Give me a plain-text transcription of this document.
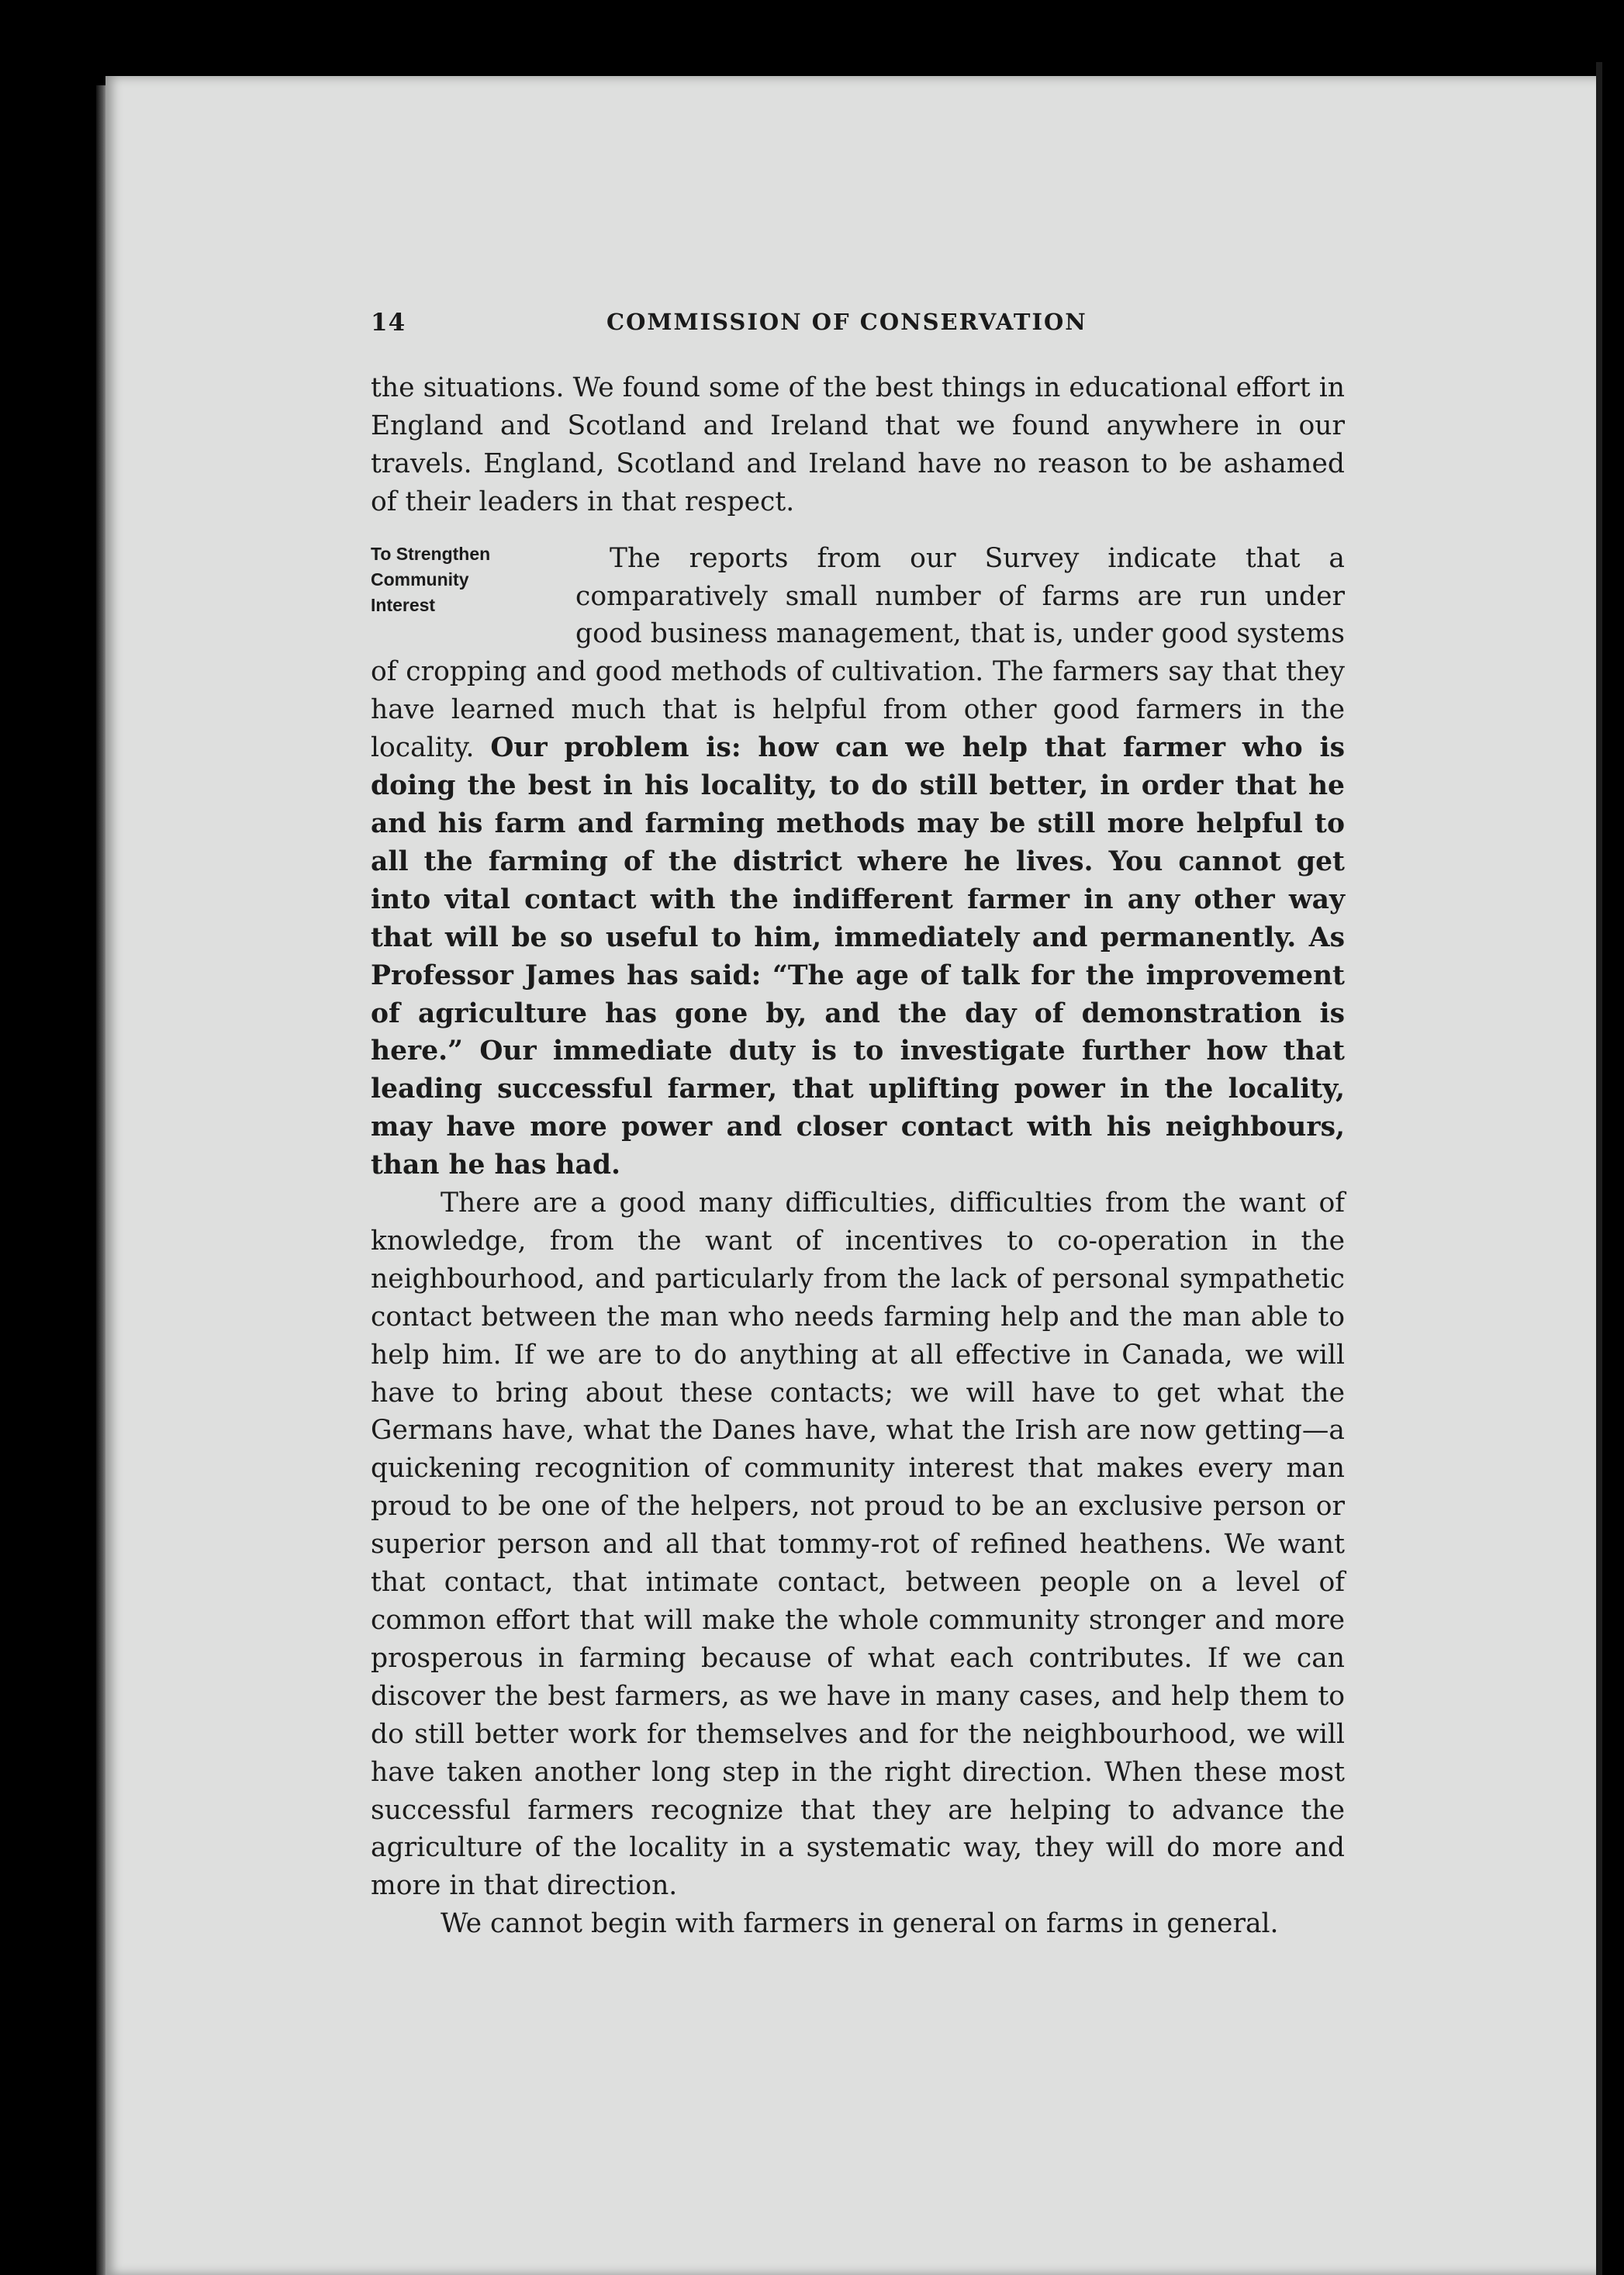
14	COMMISSION OF CONSERVATION

the situations. We found some of the best things in educational effort in England and Scotland and Ireland that we found anywhere in our travels. England, Scotland and Ireland have no reason to be ashamed of their leaders in that respect.

To Strengthen
Community
Interest

The reports from our Survey indicate that a comparatively small number of farms are run under good business management, that is, under good systems of cropping and good methods of cultivation. The farmers say that they have learned much that is helpful from other good farmers in the locality. Our problem is: how can we help that farmer who is doing the best in his locality, to do still better, in order that he and his farm and farming methods may be still more helpful to all the farming of the district where he lives. You cannot get into vital contact with the indifferent farmer in any other way that will be so useful to him, immediately and permanently. As Professor James has said: “The age of talk for the improvement of agriculture has gone by, and the day of demonstration is here.” Our immediate duty is to investigate further how that leading successful farmer, that uplifting power in the locality, may have more power and closer contact with his neighbours, than he has had.

There are a good many difficulties, difficulties from the want of knowledge, from the want of incentives to co-operation in the neighbourhood, and particularly from the lack of personal sympathetic contact between the man who needs farming help and the man able to help him. If we are to do anything at all effective in Canada, we will have to bring about these contacts; we will have to get what the Germans have, what the Danes have, what the Irish are now getting—a quickening recognition of community interest that makes every man proud to be one of the helpers, not proud to be an exclusive person or superior person and all that tommy-rot of refined heathens. We want that contact, that intimate contact, between people on a level of common effort that will make the whole community stronger and more prosperous in farming because of what each contributes. If we can discover the best farmers, as we have in many cases, and help them to do still better work for themselves and for the neighbourhood, we will have taken another long step in the right direction. When these most successful farmers recognize that they are helping to advance the agriculture of the locality in a systematic way, they will do more and more in that direction.

We cannot begin with farmers in general on farms in general.
